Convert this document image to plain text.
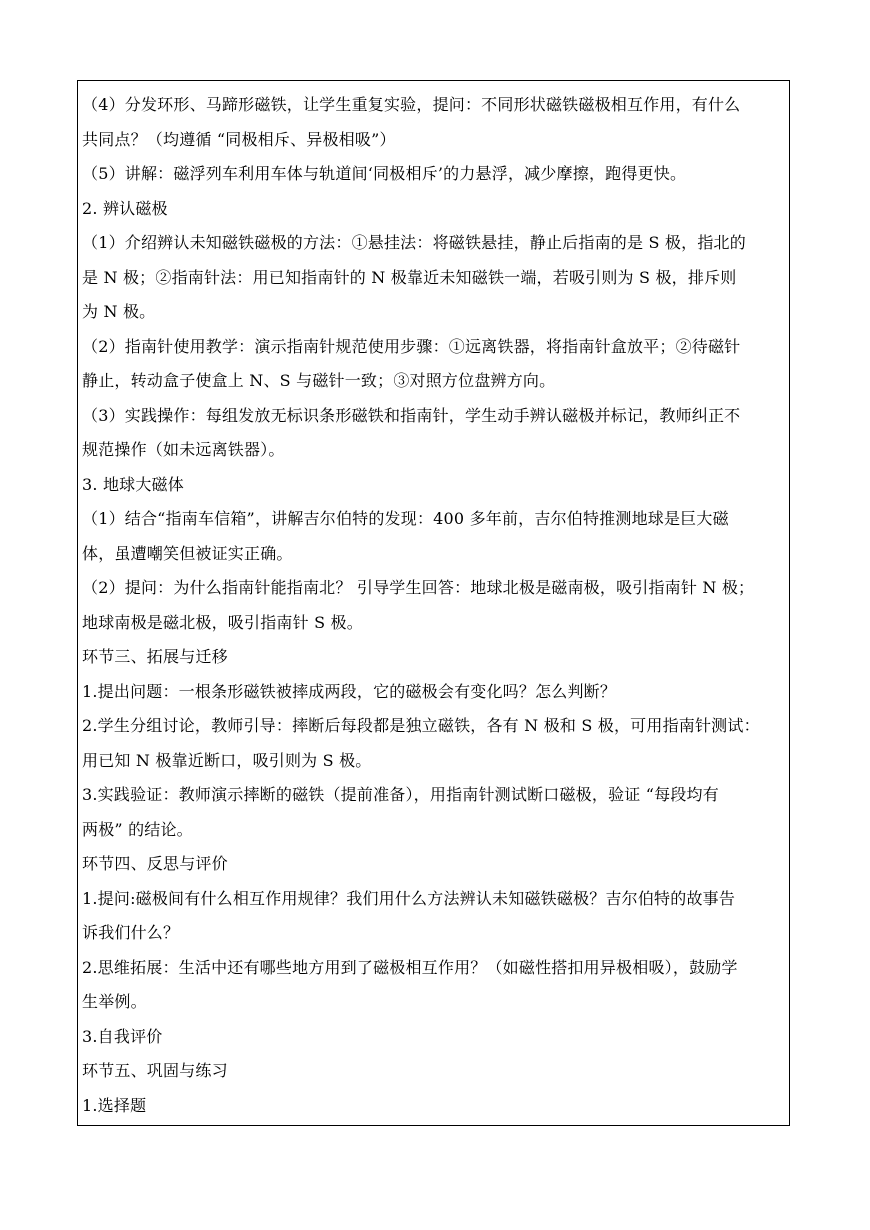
（4）分发环形、马蹄形磁铁，让学生重复实验，提问：不同形状磁铁磁极相互作用，有什么
共同点？（均遵循 “同极相斥、异极相吸”）
（5）讲解：磁浮列车利用车体与轨道间‘同极相斥’的力悬浮，减少摩擦，跑得更快。
2. 辨认磁极
（1）介绍辨认未知磁铁磁极的方法：①悬挂法：将磁铁悬挂，静止后指南的是 S 极，指北的
是 N 极；②指南针法：用已知指南针的 N 极靠近未知磁铁一端，若吸引则为 S 极，排斥则
为 N 极。
（2）指南针使用教学：演示指南针规范使用步骤：①远离铁器，将指南针盒放平；②待磁针
静止，转动盒子使盒上 N、S 与磁针一致；③对照方位盘辨方向。
（3）实践操作：每组发放无标识条形磁铁和指南针，学生动手辨认磁极并标记，教师纠正不
规范操作（如未远离铁器）。
3. 地球大磁体
（1）结合“指南车信箱”，讲解吉尔伯特的发现：400 多年前，吉尔伯特推测地球是巨大磁
体，虽遭嘲笑但被证实正确。
（2）提问：为什么指南针能指南北？ 引导学生回答：地球北极是磁南极，吸引指南针 N 极；
地球南极是磁北极，吸引指南针 S 极。
环节三、拓展与迁移
1.提出问题：一根条形磁铁被摔成两段，它的磁极会有变化吗？怎么判断？
2.学生分组讨论，教师引导：摔断后每段都是独立磁铁，各有 N 极和 S 极，可用指南针测试：
用已知 N 极靠近断口，吸引则为 S 极。
3.实践验证：教师演示摔断的磁铁（提前准备），用指南针测试断口磁极，验证 “每段均有
两极” 的结论。
环节四、反思与评价
1.提问:磁极间有什么相互作用规律？我们用什么方法辨认未知磁铁磁极？吉尔伯特的故事告
诉我们什么？
2.思维拓展：生活中还有哪些地方用到了磁极相互作用？（如磁性搭扣用异极相吸），鼓励学
生举例。
3.自我评价
环节五、巩固与练习
1.选择题
